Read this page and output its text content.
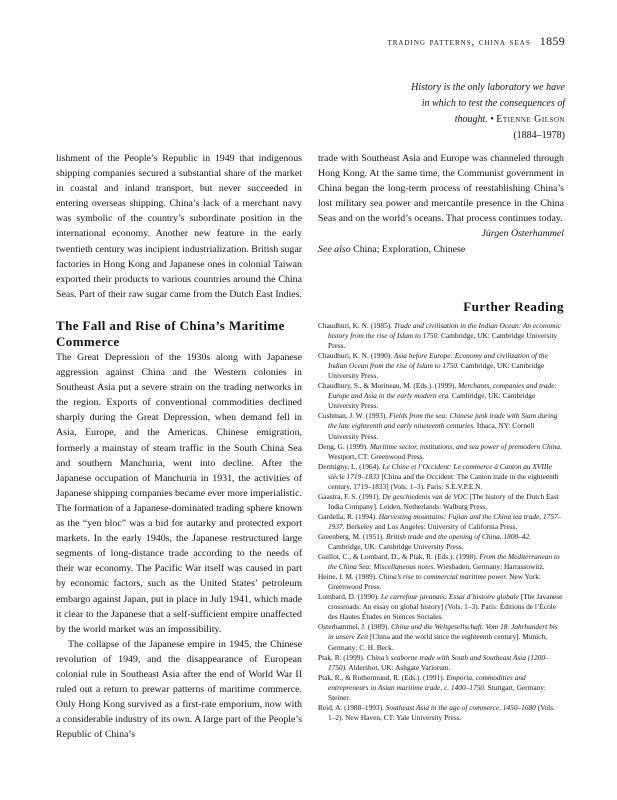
trading patterns, china seas 1859
History is the only laboratory we have
in which to test the consequences of
thought. • Etienne Gilson
(1884–1978)

lishment of the People’s Republic in 1949 that indigenous shipping companies secured a substantial share of the market in coastal and inland transport, but never succeeded in entering overseas shipping. China’s lack of a merchant navy was symbolic of the country’s subordinate position in the international economy. Another new feature in the early twentieth century was incipient industrialization. British sugar factories in Hong Kong and Japanese ones in colonial Taiwan exported their products to various countries around the China Seas. Part of their raw sugar came from the Dutch East Indies.

The Fall and Rise of China’s Maritime Commerce

The Great Depression of the 1930s along with Japanese aggression against China and the Western colonies in Southeast Asia put a severe strain on the trading networks in the region. Exports of conventional commodities declined sharply during the Great Depression, when demand fell in Asia, Europe, and the Americas. Chinese emigration, formerly a mainstay of steam traffic in the South China Sea and southern Manchuria, went into decline. After the Japanese occupation of Manchuria in 1931, the activities of Japanese shipping companies became ever more imperialistic. The formation of a Japanese-dominated trading sphere known as the “yen bloc” was a bid for autarky and protected export markets. In the early 1940s, the Japanese restructured large segments of long-distance trade according to the needs of their war economy. The Pacific War itself was caused in part by economic factors, such as the United States’ petroleum embargo against Japan, put in place in July 1941, which made it clear to the Japanese that a self-sufficient empire unaffected by the world market was an impossibility.

The collapse of the Japanese empire in 1945, the Chinese revolution of 1949, and the disappearance of European colonial rule in Southeast Asia after the end of World War II ruled out a return to prewar patterns of maritime commerce. Only Hong Kong survived as a first-rate emporium, now with a considerable industry of its own. A large part of the People’s Republic of China’s

trade with Southeast Asia and Europe was channeled through Hong Kong. At the same time, the Communist government in China began the long-term process of reestablishing China’s lost military sea power and mercantile presence in the China Seas and on the world’s oceans. That process continues today.

Jürgen Osterhammel

See also China; Exploration, Chinese

Further Reading

Chaudhuri, K. N. (1985). Trade and civilisation in the Indian Ocean: An economic history from the rise of Islam to 1750. Cambridge, UK: Cambridge University Press.

Chaudhuri, K. N. (1990). Asia before Europe: Economy and civilization of the Indian Ocean from the rise of Islam to 1750. Cambridge, UK: Cambridge University Press.

Chaudhury, S., & Morineau, M. (Eds.). (1999). Merchants, companies and trade: Europe and Asia in the early modern era. Cambridge, UK: Cambridge University Press.

Cushman, J. W. (1993). Fields from the sea: Chinese junk trade with Siam during the late eighteenth and early nineteenth centuries. Ithaca, NY: Cornell University Press.

Deng, G. (1999). Maritime sector, institutions, and sea power of premodern China. Westport, CT: Greenwood Press.

Dermigny, L. (1964). Le Chine et l’Occident: Le commerce à Canton au XVIIIe siècle 1719–1833 [China and the Occident: The Canton trade in the eighteenth century, 1719–1833] (Vols. 1–3). Paris: S.E.V.P.E.N.

Gaastra, F. S. (1991). De geschiedenis van de VOC [The history of the Dutch East India Company]. Leiden, Netherlands: Walburg Press.

Gardella, R. (1994). Harvesting mountains: Fujian and the China tea trade, 1757–1937. Berkeley and Los Angeles: University of California Press.

Greenberg, M. (1951). British trade and the opening of China, 1800–42. Cambridge, UK: Cambridge University Press.

Guillot, C., & Lombard, D., & Ptak, R. (Eds.). (1998). From the Mediterranean to the China Sea: Miscellaneous notes. Wiesbaden, Germany: Harrassowitz.

Heine, I. M. (1989). China’s rise to commercial maritime power. New York: Greenwood Press.

Lombard, D. (1990). Le carrefour javanais: Essai d’histoire globale [The Javanese crossroads: An essay on global history] (Vols. 1–3). Paris: Éditions de l’École des Hautes Études en Siences Sociales.

Osterhammel, J. (1989). China und die Weltgesellschaft. Vom 18. Jahrhundert bis in unsere Zeit [China and the world since the eighteenth century]. Munich, Germany: C. H. Beck.

Ptak, R. (1999). China’s seaborne trade with South and Southeast Asia (1200–1750). Aldershot, UK: Ashgate Variorum.

Ptak, R., & Rothermund, R. (Eds.). (1991). Emporia, commodities and entrepreneurs in Asian maritime trade, c. 1400–1750. Stuttgart, Germany: Steiner.

Reid, A. (1988–1993). Southeast Asia in the age of commerce, 1450–1680 (Vols. 1–2). New Haven, CT: Yale University Press.
